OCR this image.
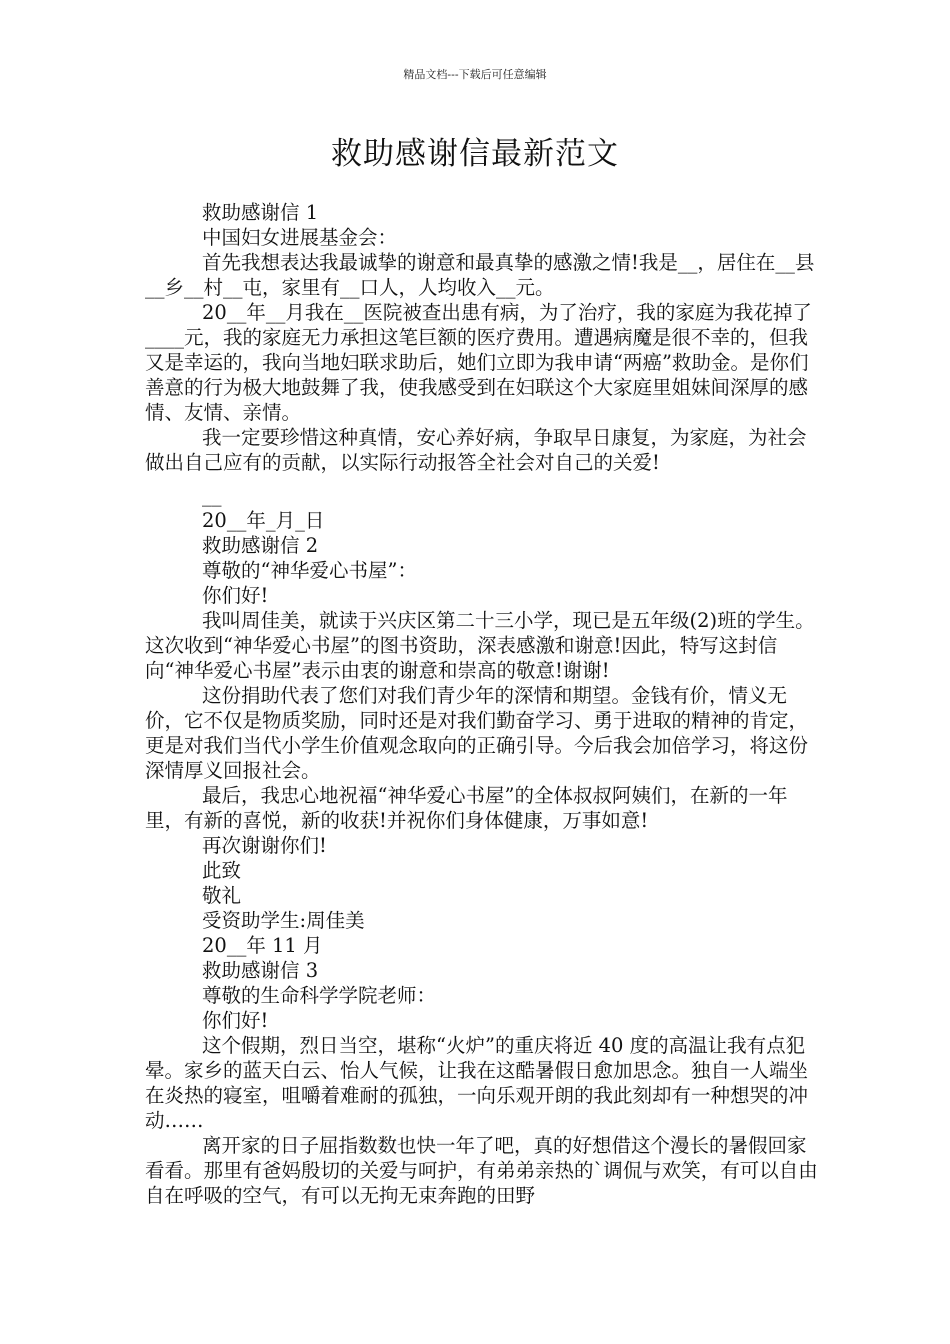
精品文档---下载后可任意编辑
救助感谢信最新范文

救助感谢信 1

中国妇女进展基金会：

首先我想表达我最诚挚的谢意和最真挚的感激之情!我是__，居住在__县__乡__村__屯，家里有__口人，人均收入__元。

20__年__月我在__医院被查出患有病，为了治疗，我的家庭为我花掉了____元，我的家庭无力承担这笔巨额的医疗费用。遭遇病魔是很不幸的，但我又是幸运的，我向当地妇联求助后，她们立即为我申请“两癌”救助金。是你们善意的行为极大地鼓舞了我，使我感受到在妇联这个大家庭里姐妹间深厚的感情、友情、亲情。

我一定要珍惜这种真情，安心养好病，争取早日康复，为家庭，为社会做出自己应有的贡献，以实际行动报答全社会对自己的关爱!

__

20__年_月_日

救助感谢信 2

尊敬的“神华爱心书屋”：

你们好!

我叫周佳美，就读于兴庆区第二十三小学，现已是五年级(2)班的学生。这次收到“神华爱心书屋”的图书资助，深表感激和谢意!因此，特写这封信向“神华爱心书屋”表示由衷的谢意和崇高的敬意!谢谢!

这份捐助代表了您们对我们青少年的深情和期望。金钱有价，情义无价，它不仅是物质奖励，同时还是对我们勤奋学习、勇于进取的精神的肯定，更是对我们当代小学生价值观念取向的正确引导。今后我会加倍学习，将这份深情厚义回报社会。

最后，我忠心地祝福“神华爱心书屋”的全体叔叔阿姨们，在新的一年里，有新的喜悦，新的收获!并祝你们身体健康，万事如意!

再次谢谢你们!

此致

敬礼

受资助学生:周佳美

20__年 11 月

救助感谢信 3

尊敬的生命科学学院老师：

你们好!

这个假期，烈日当空，堪称“火炉”的重庆将近 40 度的高温让我有点犯晕。家乡的蓝天白云、怡人气候，让我在这酷暑假日愈加思念。独自一人端坐在炎热的寝室，咀嚼着难耐的孤独，一向乐观开朗的我此刻却有一种想哭的冲动……

离开家的日子屈指数数也快一年了吧，真的好想借这个漫长的暑假回家看看。那里有爸妈殷切的关爱与呵护，有弟弟亲热的`调侃与欢笑，有可以自由自在呼吸的空气，有可以无拘无束奔跑的田野
